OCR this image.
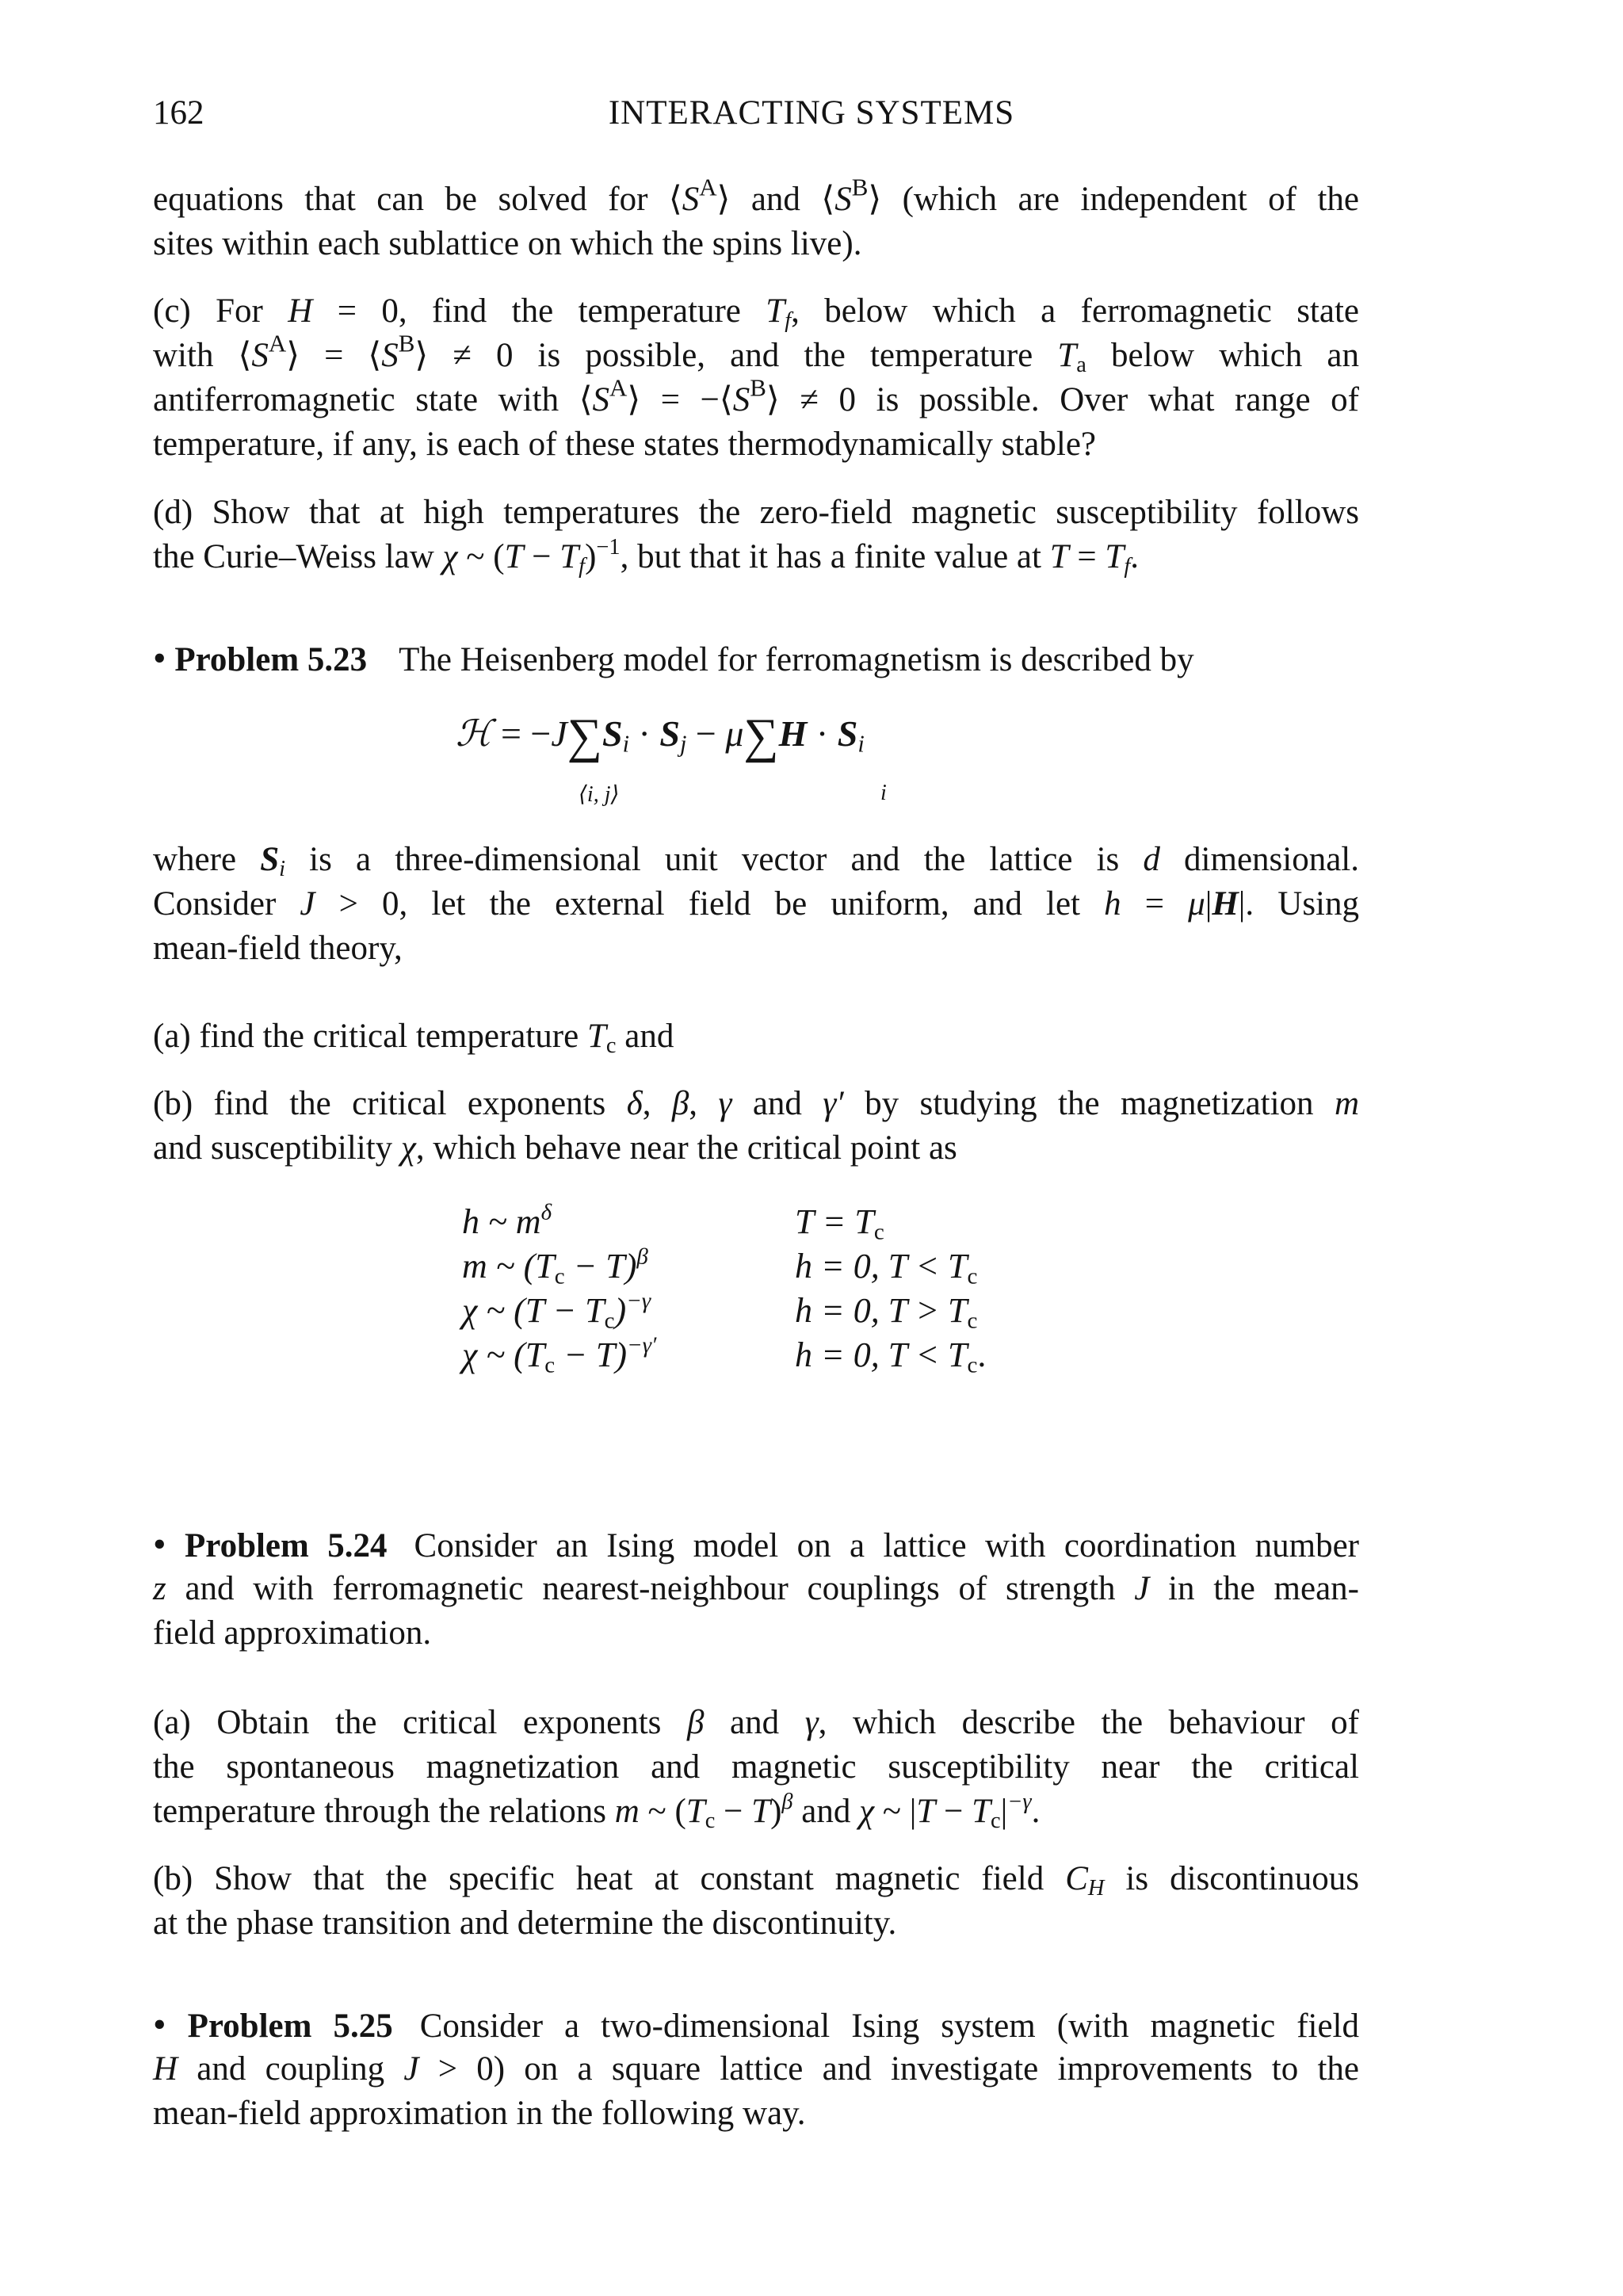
162	INTERACTING SYSTEMS
equations that can be solved for $⟨S^A⟩$ and $⟨S^B⟩$ (which are independent of the
sites within each sublattice on which the spins live).
(c) For H = 0, find the temperature $T_f$, below which a ferromagnetic state
with $⟨S^A⟩$ = $⟨S^B⟩ \ne 0$ is possible, and the temperature $T_a$ below which an
antiferromagnetic state with $⟨S^A⟩$ = $-⟨S^B⟩ \ne 0$ is possible. Over what range of
temperature, if any, is each of these states thermodynamically stable?
(d) Show that at high temperatures the zero-field magnetic susceptibility follows
the Curie–Weiss law χ ~ $(T - T_f)^{-1}$, but that it has a finite value at $T = T_f$.
• Problem 5.23 The Heisenberg model for ferromagnetism is described by
ℋ = $-J\sum S_i \cdot S_j - \mu\sum H \cdot S_i$
⟨i, j⟩	i
where $S_i$ is a three-dimensional unit vector and the lattice is d dimensional.
Consider J > 0, let the external field be uniform, and let h = μ|H|. Using
mean-field theory,
(a) find the critical temperature $T_c$ and
(b) find the critical exponents δ, β, γ and γ′ by studying the magnetization m
and susceptibility χ, which behave near the critical point as
h ~ $m^\delta$
m ~ $(T_c - T)^\beta$
χ ~ $(T - T_c)^{-\gamma}$
χ ~ $(T_c - T)^{-\gamma'}$
$T = T_c$
h = 0, $T < T_c$
h = 0, $T > T_c$
h = 0, $T < T_c$.
• Problem 5.24 Consider an Ising model on a lattice with coordination number
z and with ferromagnetic nearest-neighbour couplings of strength J in the mean-
field approximation.
(a) Obtain the critical exponents β and γ, which describe the behaviour of
the spontaneous magnetization and magnetic susceptibility near the critical
temperature through the relations m ~ $(T_c - T)^\beta$ and χ ~ $|T - T_c|^{-\gamma}$.
(b) Show that the specific heat at constant magnetic field $C_H$ is discontinuous
at the phase transition and determine the discontinuity.
• Problem 5.25 Consider a two-dimensional Ising system (with magnetic field
H and coupling J > 0) on a square lattice and investigate improvements to the
mean-field approximation in the following way.
